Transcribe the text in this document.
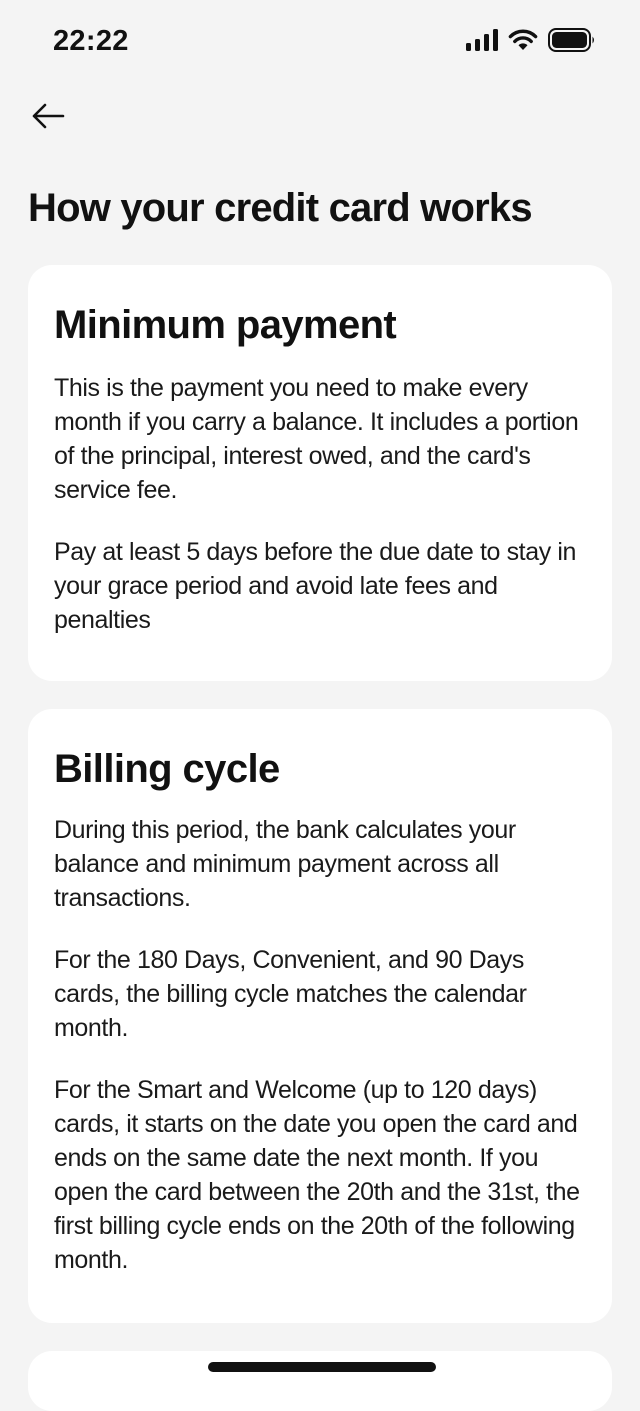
22:22
How your credit card works
Minimum payment

This is the payment you need to make every month if you carry a balance. It includes a portion of the principal, interest owed, and the card's service fee.

Pay at least 5 days before the due date to stay in your grace period and avoid late fees and penalties

Billing cycle

During this period, the bank calculates your balance and minimum payment across all transactions.

For the 180 Days, Convenient, and 90 Days cards, the billing cycle matches the calendar month.

For the Smart and Welcome (up to 120 days) cards, it starts on the date you open the card and ends on the same date the next month. If you open the card between the 20th and the 31st, the first billing cycle ends on the 20th of the following month.
